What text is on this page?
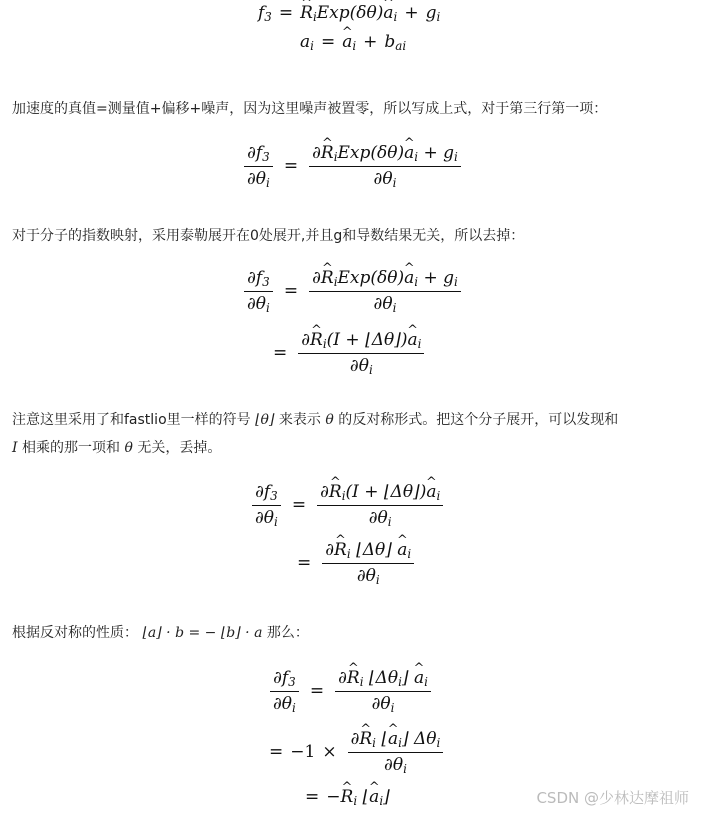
$f_3$ = ^ $R_iExp(\delta\theta)\^{}$ $a_i + g_i$
$a_i$ = ^ $a_i + b_{ai}$
加速度的真值=测量值+偏移+噪声，因为这里噪声被置零，所以写成上式，对于第三行第一项：
$\frac{\partial f_3}{\partial\theta_i} = \frac{\partial\^{} R_iExp(\delta\theta)\^{} a_i + g_i}{\partial\theta_i}$
对于分子的指数映射，采用泰勒展开在0处展开,并且g和导数结果无关，所以去掉：
$\frac{\partial f_3}{\partial\theta_i} = \frac{\partial\^{} R_iExp(\delta\theta)\^{} a_i + g_i}{\partial\theta_i}$
= $\frac{\partial\^{} R_i(I + ⌊\Delta\theta⌋)\^{} a_i}{\partial\theta_i}$
注意这里采用了和fastlio里一样的符号 ⌊θ⌋ 来表示 θ 的反对称形式。把这个分子展开，可以发现和
I 相乘的那一项和 θ 无关，丢掉。
$\frac{\partial f_3}{\partial\theta_i} = \frac{\partial\^{} R_i(I + ⌊\Delta\theta⌋)\^{} a_i}{\partial\theta_i}$
= $\frac{\partial\^{} R_i ⌊\Delta\theta⌋ \^{} a_i}{\partial\theta_i}$
根据反对称的性质： ⌊a⌋ · b = − ⌊b⌋ · a 那么：
$\frac{\partial f_3}{\partial\theta_i} = \frac{\partial\^{} R_i ⌊\Delta\theta_i⌋ \^{} a_i}{\partial\theta_i}$
= $-1 \times \frac{\partial\^{} R_i ⌊\^{} a_i⌋ \Delta\theta_i}{\partial\theta_i}$
= −^ $R_i$ ⌊^ $a_i⌋$	CSDN @少林达摩祖师
